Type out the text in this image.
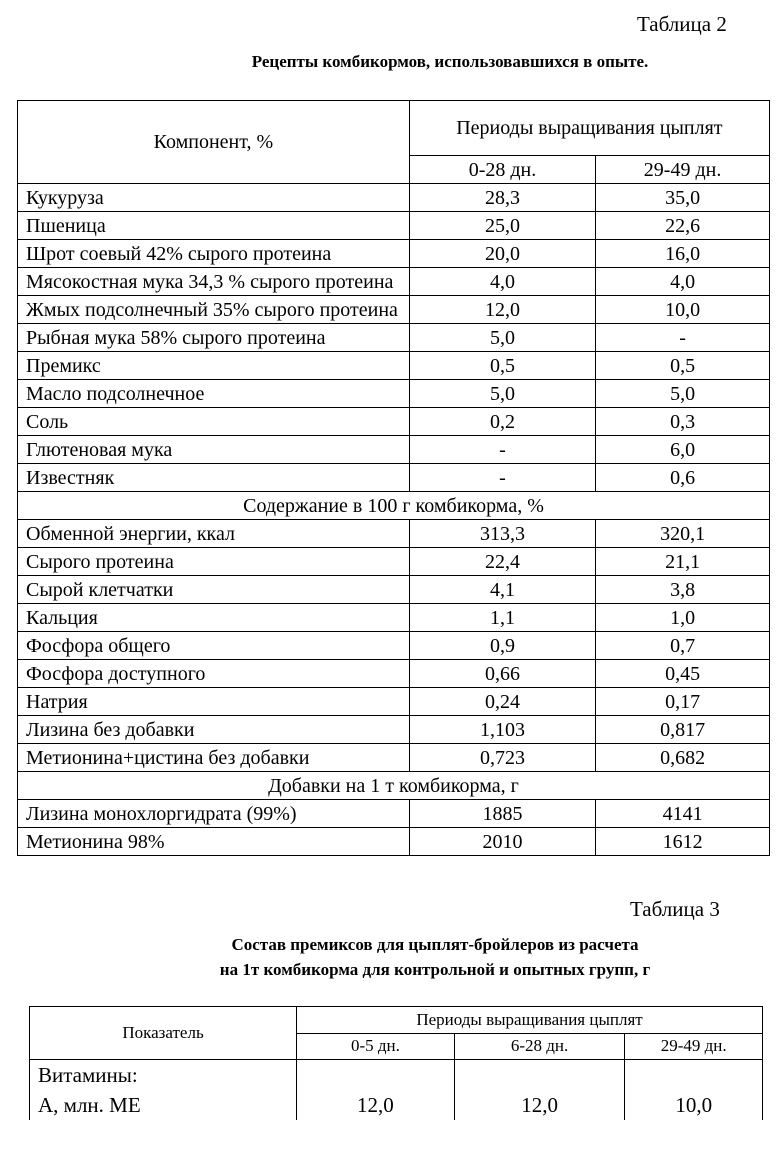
Таблица 2
Рецепты комбикормов, использовавшихся в опыте.
Компонент, %	Периоды выращивания цыплят	
	0-28 дн.	29-49 дн.
Кукуруза	28,3	35,0
Пшеница	25,0	22,6
Шрот соевый 42% сырого протеина	20,0	16,0
Мясокостная мука 34,3 % сырого протеина	4,0	4,0
Жмых подсолнечный 35% сырого протеина	12,0	10,0
Рыбная мука 58% сырого протеина	5,0	-
Премикс	0,5	0,5
Масло подсолнечное	5,0	5,0
Соль	0,2	0,3
Глютеновая мука	-	6,0
Известняк	-	0,6
Содержание в 100 г комбикорма, %		
Обменной энергии, ккал	313,3	320,1
Сырого протеина	22,4	21,1
Сырой клетчатки	4,1	3,8
Кальция	1,1	1,0
Фосфора общего	0,9	0,7
Фосфора доступного	0,66	0,45
Натрия	0,24	0,17
Лизина без добавки	1,103	0,817
Метионина+цистина без добавки	0,723	0,682
Добавки на 1 т комбикорма, г		
Лизина монохлоргидрата (99%)	1885	4141
Метионина 98%	2010	1612
Таблица 3
Состав премиксов для цыплят-бройлеров из расчета
на 1т комбикорма для контрольной и опытных групп, г
Показатель	Периоды выращивания цыплят		
	0-5 дн.	6-28 дн.	29-49 дн.

Витамины:
А, млн. МЕ	12,0	12,0	10,0
